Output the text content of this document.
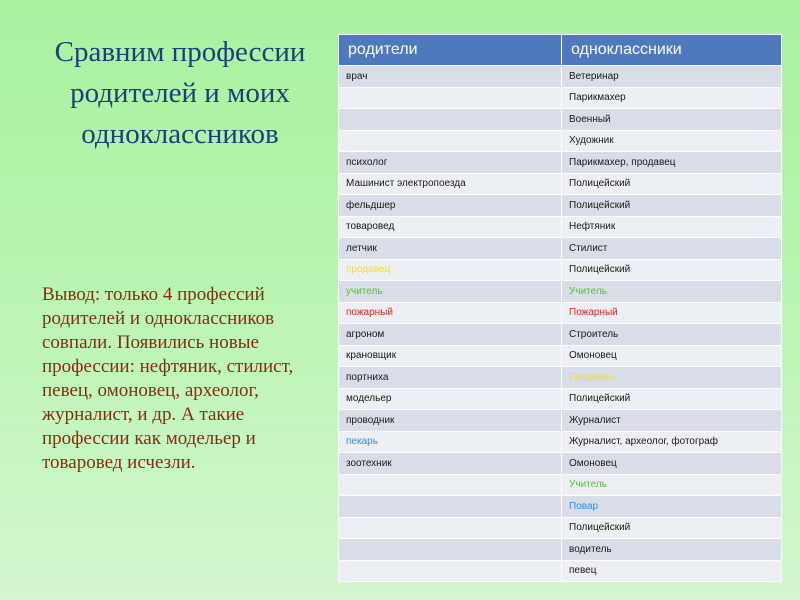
Сравним профессии родителей и моих одноклассников
Вывод: только 4 профессий родителей и одноклассников совпали. Появились новые профессии: нефтяник, стилист, певец, омоновец, археолог, журналист, и др. А такие профессии как модельер и товаровед исчезли.
родители	одноклассники
врач	Ветеринар
	Парикмахер
	Военный
	Художник
психолог	Парикмахер, продавец
Машинист электропоезда	Полицейский
фельдшер	Полицейский
товаровед	Нефтяник
летчик	Стилист
продавец	Полицейский
учитель	Учитель
пожарный	Пожарный
агроном	Строитель
крановщик	Омоновец
портниха	Продавец
модельер	Полицейский
проводник	Журналист
пекарь	Журналист, археолог, фотограф
зоотехник	Омоновец
	Учитель
	Повар
	Полицейский
	водитель
	певец
